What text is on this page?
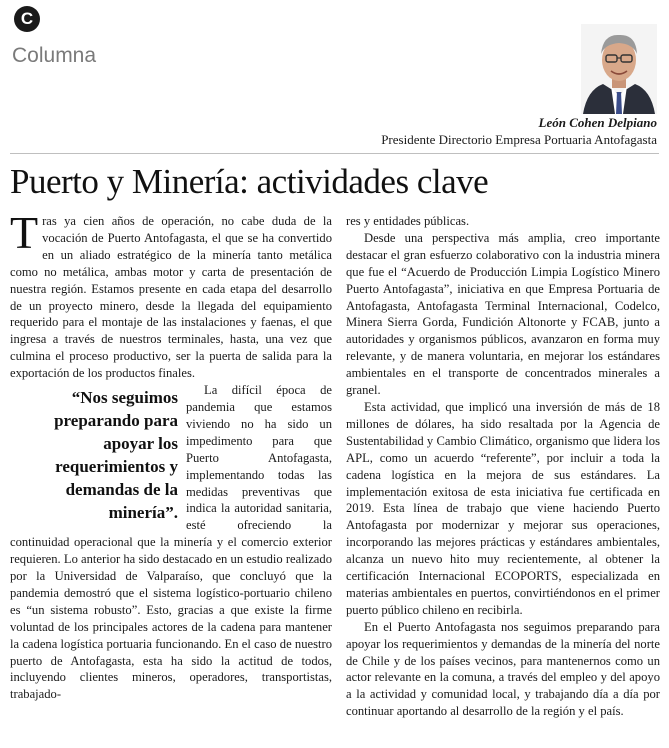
C
Columna
León Cohen Delpiano
Presidente Directorio Empresa Portuaria Antofagasta
Puerto y Minería: actividades clave

Tras ya cien años de operación, no cabe duda de la vocación de Puerto Antofagasta, el que se ha convertido en un aliado estratégico de la minería tanto metálica como no metálica, ambas motor y carta de presentación de nuestra región. Estamos presente en cada etapa del desarrollo de un proyecto minero, desde la llegada del equipamiento requerido para el montaje de las instalaciones y faenas, el que ingresa a través de nuestros terminales, hasta, una vez que culmina el proceso productivo, ser la puerta de salida para la exportación de los productos finales.

“Nos seguimos preparando para apoyar los requerimientos y demandas de la minería”.
La difícil época de pandemia que estamos viviendo no ha sido un impedimento para que Puerto Antofagasta, implementando todas las medidas preventivas que indica la autoridad sanitaria, esté ofreciendo la continuidad operacional que la minería y el comercio exterior requieren. Lo anterior ha sido destacado en un estudio realizado por la Universidad de Valparaíso, que concluyó que la pandemia demostró que el sistema logístico-portuario chileno es “un sistema robusto”. Esto, gracias a que existe la firme voluntad de los principales actores de la cadena para mantener la cadena logística portuaria funcionando. En el caso de nuestro puerto de Antofagasta, esta ha sido la actitud de todos, incluyendo clientes mineros, operadores, transportistas, trabajado-

res y entidades públicas.

Desde una perspectiva más amplia, creo importante destacar el gran esfuerzo colaborativo con la industria minera que fue el “Acuerdo de Producción Limpia Logístico Minero Puerto Antofagasta”, iniciativa en que Empresa Portuaria de Antofagasta, Antofagasta Terminal Internacional, Codelco, Minera Sierra Gorda, Fundición Altonorte y FCAB, junto a autoridades y organismos públicos, avanzaron en forma muy relevante, y de manera voluntaria, en mejorar los estándares ambientales en el transporte de concentrados minerales a granel.

Esta actividad, que implicó una inversión de más de 18 millones de dólares, ha sido resaltada por la Agencia de Sustentabilidad y Cambio Climático, organismo que lidera los APL, como un acuerdo “referente”, por incluir a toda la cadena logística en la mejora de sus estándares. La implementación exitosa de esta iniciativa fue certificada en 2019. Esta línea de trabajo que viene haciendo Puerto Antofagasta por modernizar y mejorar sus operaciones, incorporando las mejores prácticas y estándares ambientales, alcanza un nuevo hito muy recientemente, al obtener la certificación Internacional ECOPORTS, especializada en materias ambientales en puertos, convirtiéndonos en el primer puerto público chileno en recibirla.

En el Puerto Antofagasta nos seguimos preparando para apoyar los requerimientos y demandas de la minería del norte de Chile y de los países vecinos, para mantenernos como un actor relevante en la comuna, a través del empleo y del apoyo a la actividad y comunidad local, y trabajando día a día por continuar aportando al desarrollo de la región y el país.
